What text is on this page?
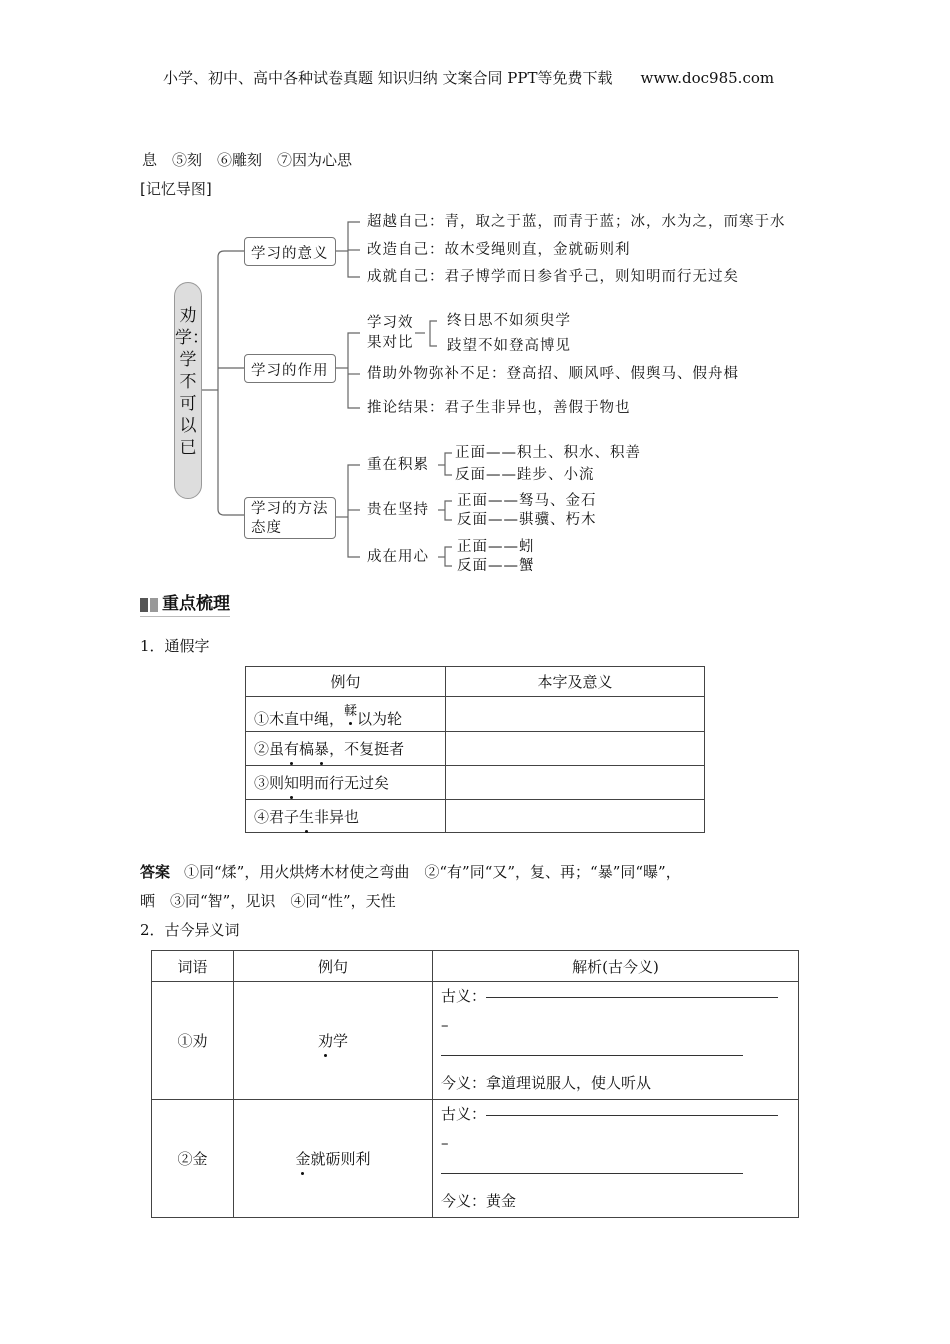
小学、初中、高中各种试卷真题 知识归纳 文案合同 PPT等免费下载 www.doc985.com
息　⑤刻　⑥雕刻　⑦因为心思
[记忆导图]
劝学：学不可以已
学习的意义
超越自己：青，取之于蓝，而青于蓝；冰，水为之，而寒于水
改造自己：故木受绳则直，金就砺则利
成就自己：君子博学而日参省乎己，则知明而行无过矣
学习的作用
学习效
果对比
终日思不如须臾学
跂望不如登高博见
借助外物弥补不足：登高招、顺风呼、假舆马、假舟楫
推论结果：君子生非异也，善假于物也
学习的方法
态度
重在积累
正面——积土、积水、积善
反面——跬步、小流
贵在坚持
正面——驽马、金石
反面——骐骥、朽木
成在用心
正面——蚓
反面——蟹
重点梳理
1．通假字
例句	本字及意义
①木直中绳，輮以为轮	
②虽有槁暴，不复挺者	
③则知明而行无过矣	
④君子生非异也	
答案 ①同“煣”，用火烘烤木材使之弯曲　②“有”同“又”，复、再；“暴”同“曝”，
晒　③同“智”，见识　④同“性”，天性
2．古今异义词
词语	例句	解析(古今义)
①劝	劝学	古义：
–
今义：拿道理说服人，使人听从

②金	金就砺则利	古义：
–
今义：黄金
